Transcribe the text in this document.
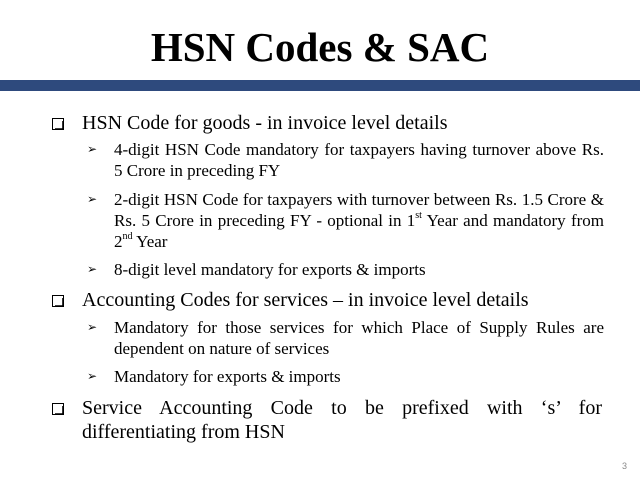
HSN Codes & SAC
HSN Code for goods - in invoice level details
➢ 4-digit HSN Code mandatory for taxpayers having turnover above Rs. 5 Crore in preceding FY
➢ 2-digit HSN Code for taxpayers with turnover between Rs. 1.5 Crore & Rs. 5 Crore in preceding FY - optional in 1st Year and mandatory from 2nd Year
➢ 8-digit level mandatory for exports & imports
Accounting Codes for services – in invoice level details
➢ Mandatory for those services for which Place of Supply Rules are dependent on nature of services
➢ Mandatory for exports & imports
Service Accounting Code to be prefixed with ‘s’ for differentiating from HSN
3
